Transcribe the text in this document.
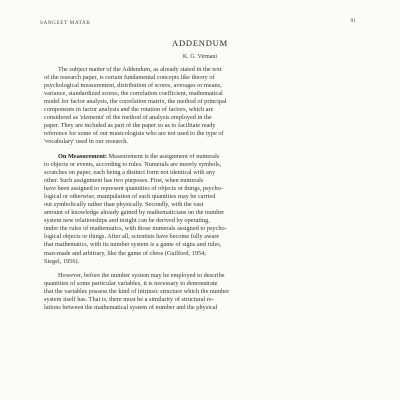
SANGEET MATAK	91
ADDENDUM
K. G. Virmani

The subject matter of the Addendum, as already stated in the text
of the research paper, is certain fundamental concepts like theory of
psychological measurement, distribution of scores, averages or means,
variance, standardized scores, the correlation coefficient, mathematical
model for factor analysis, the correlation matrix, the method of principal
components in factor analysis and the rotation of factors, which are
considered as 'elements' of the method of analysis employed in the
paper. They are included as part of the paper so as to facilitate ready
reference for some of our musicologists who are not used to the type of
'vocabulary' used in our research.

On Measurement: Measurement is the assignment of numerals
to objects or events, according to rules. Numerals are merely symbols,
scratches on paper, each being a distinct form not identical with any
other. Such assignment has two purposes. First, when numerals
have been assigned to represent quantities of objects or things, psycho-
logical or otherwise, manipulation of such quantities may be carried
out symbolically rather than physically. Secondly, with the vast
amount of knowledge already gained by mathematicians on the number
system new relationships and insight can be derived by operating,
under the rules of mathematics, with those numerals assigned to psycho-
logical objects or things. After all, scientists have become fully aware
that mathematics, with its number system is a game of signs and rules,
man-made and arbitrary, like the game of chess (Guilford, 1954;
Siegel, 1956).

However, before the number system may be employed to describe
quantities of some particular variables, it is necessary to demonstrate
that the variables possess the kind of intrinsic structure which the number
system itself has. That is, there must be a similarity of structural re-
lations between the mathematical system of number and the physical
